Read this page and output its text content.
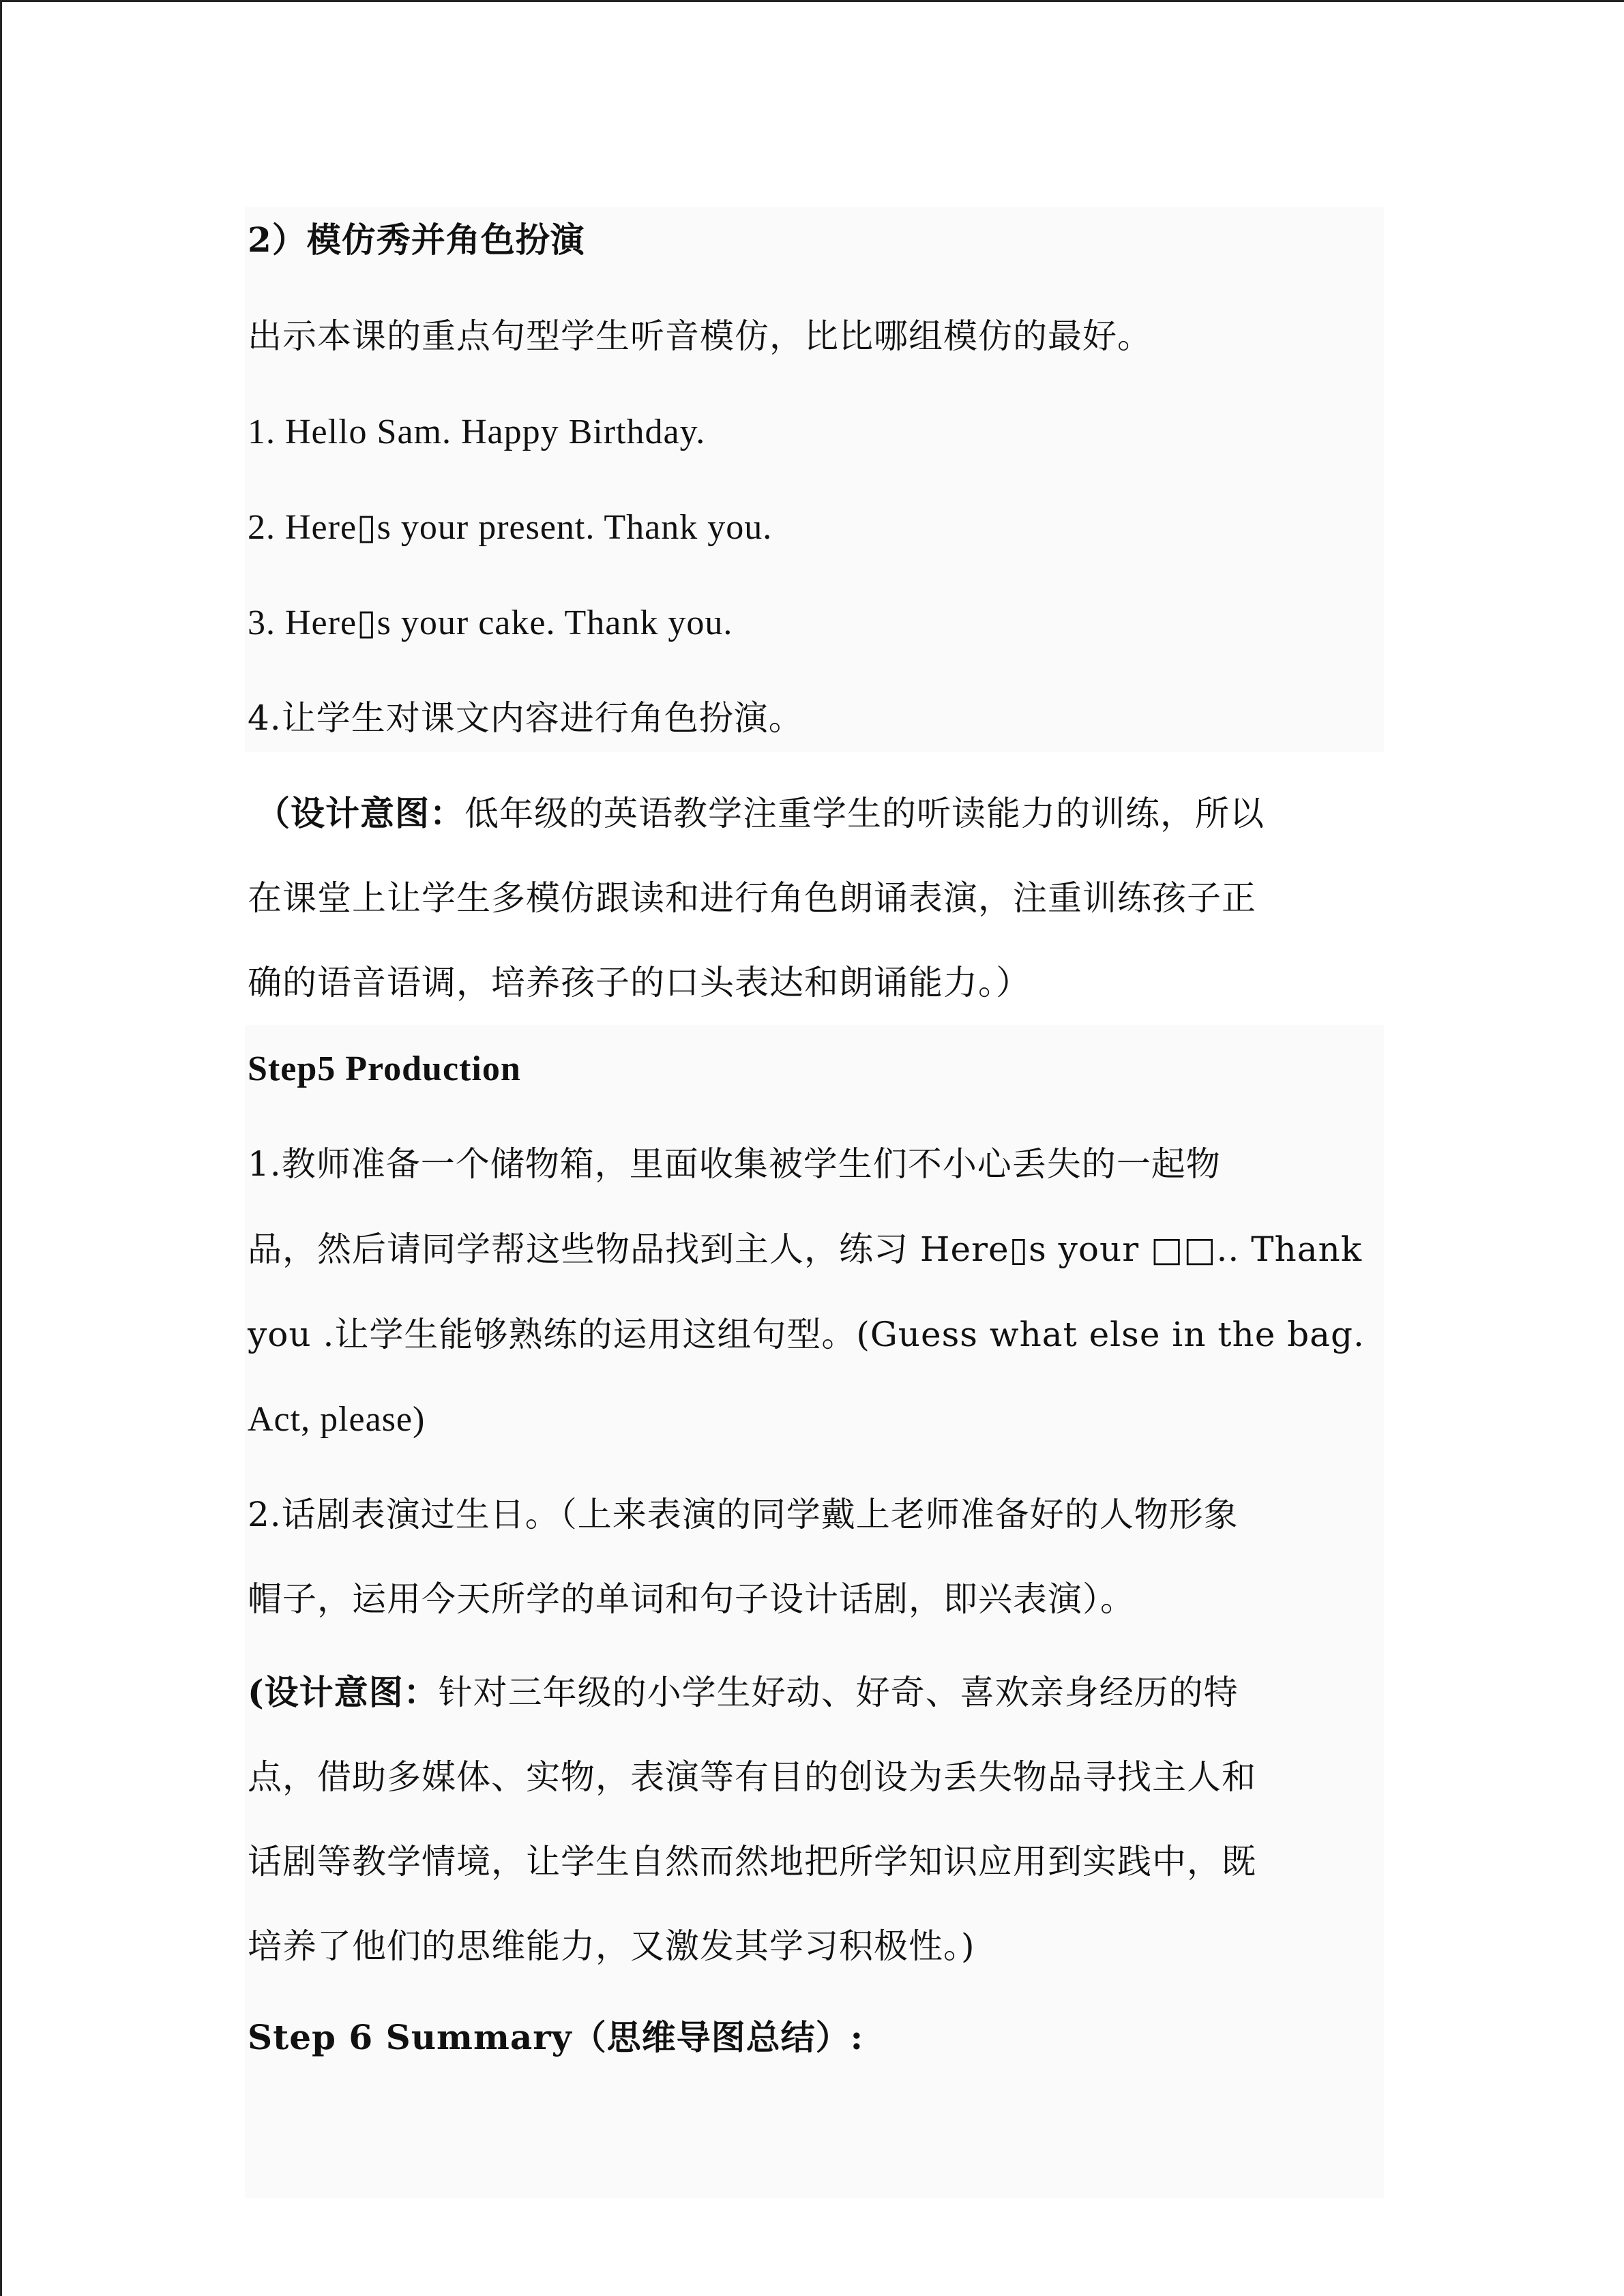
2）模仿秀并角色扮演
出示本课的重点句型学生听音模仿，比比哪组模仿的最好。
1. Hello Sam. Happy Birthday.
2. Here▯s your present. Thank you.
3. Here▯s your cake. Thank you.
4.让学生对课文内容进行角色扮演。
（设计意图：低年级的英语教学注重学生的听读能力的训练，所以
在课堂上让学生多模仿跟读和进行角色朗诵表演，注重训练孩子正
确的语音语调，培养孩子的口头表达和朗诵能力。）
Step5 Production
1.教师准备一个储物箱，里面收集被学生们不小心丢失的一起物
品，然后请同学帮这些物品找到主人，练习 Here▯s your □□.. Thank
you .让学生能够熟练的运用这组句型。(Guess what else in the bag.
Act, please)
2.话剧表演过生日。（上来表演的同学戴上老师准备好的人物形象
帽子，运用今天所学的单词和句子设计话剧，即兴表演）。
(设计意图：针对三年级的小学生好动、好奇、喜欢亲身经历的特
点，借助多媒体、实物，表演等有目的创设为丢失物品寻找主人和
话剧等教学情境，让学生自然而然地把所学知识应用到实践中，既
培养了他们的思维能力，又激发其学习积极性。)
Step 6 Summary（思维导图总结）:
